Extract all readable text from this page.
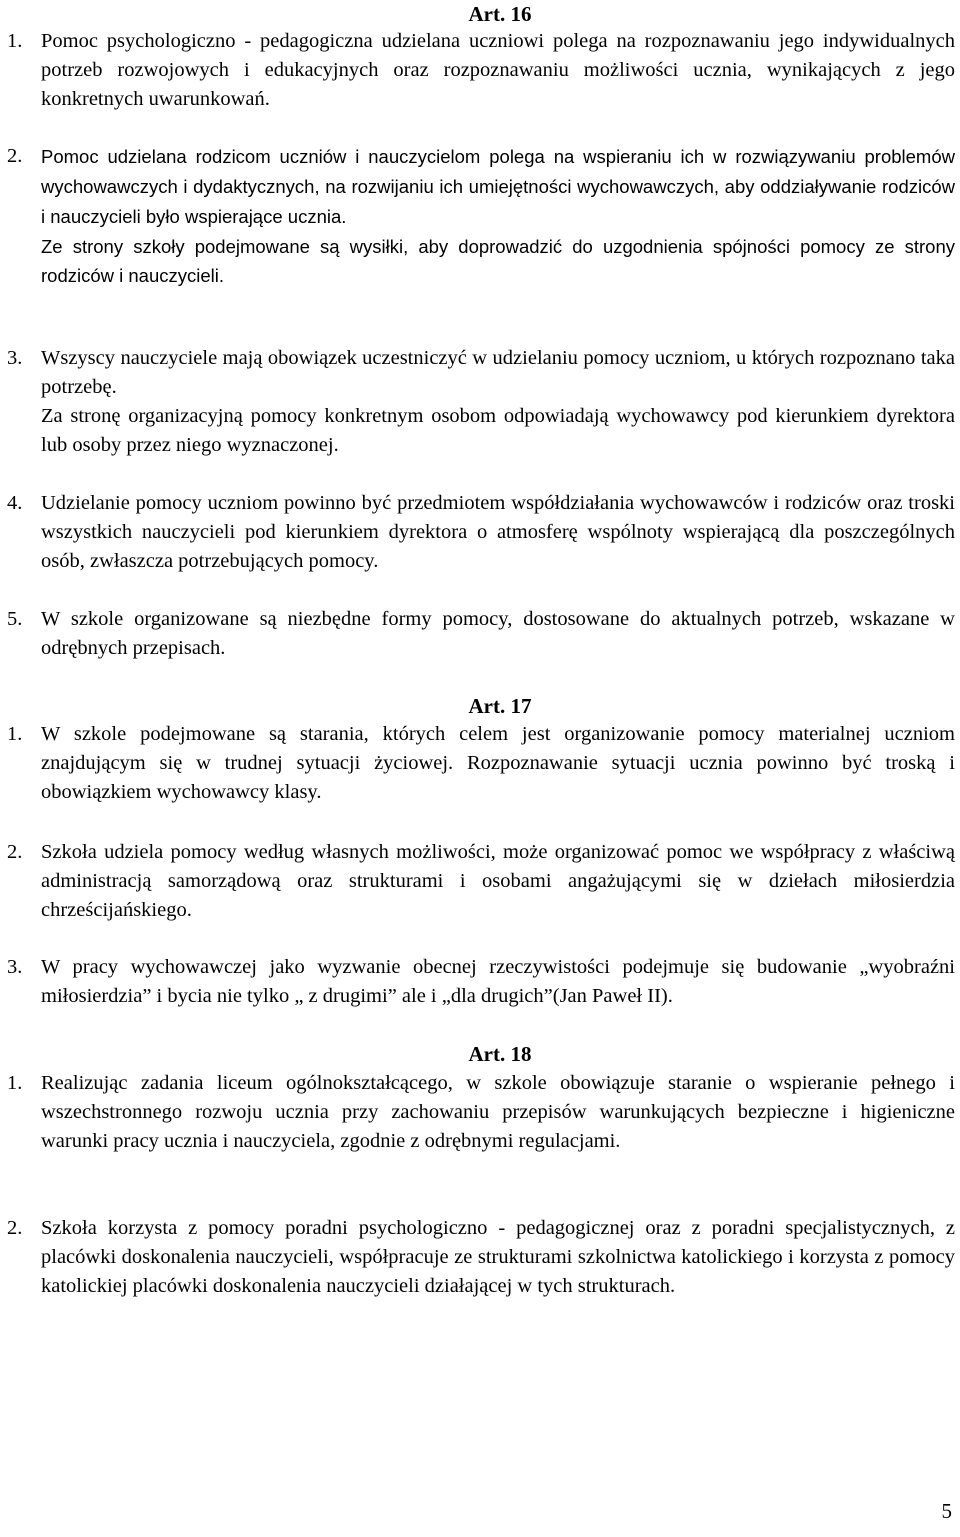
Art. 16
1. Pomoc psychologiczno - pedagogiczna udzielana uczniowi polega na rozpoznawaniu jego indywidualnych potrzeb rozwojowych i edukacyjnych oraz rozpoznawaniu możliwości ucznia, wynikających z jego konkretnych uwarunkowań.
2.	Pomoc udzielana rodzicom uczniów i nauczycielom polega na wspieraniu ich w rozwiązywaniu problemów wychowawczych i dydaktycznych, na rozwijaniu ich umiejętności wychowawczych, aby oddziaływanie rodziców i nauczycieli było wspierające ucznia.
Ze strony szkoły podejmowane są wysiłki, aby doprowadzić do uzgodnienia spójności pomocy ze strony rodziców i nauczycieli.
3. Wszyscy nauczyciele mają obowiązek uczestniczyć w udzielaniu pomocy uczniom, u których rozpoznano taka potrzebę.
Za stronę organizacyjną pomocy konkretnym osobom odpowiadają wychowawcy pod kierunkiem dyrektora lub osoby przez niego wyznaczonej.
4. Udzielanie pomocy uczniom powinno być przedmiotem współdziałania wychowawców i rodziców oraz troski wszystkich nauczycieli pod kierunkiem dyrektora o atmosferę wspólnoty wspierającą dla poszczególnych osób, zwłaszcza potrzebujących pomocy.
5. W szkole organizowane są niezbędne formy pomocy, dostosowane do aktualnych potrzeb, wskazane w odrębnych przepisach.
Art. 17
1. W szkole podejmowane są starania, których celem jest organizowanie pomocy materialnej uczniom znajdującym się w trudnej sytuacji życiowej. Rozpoznawanie sytuacji ucznia powinno być troską i obowiązkiem wychowawcy klasy.
2. Szkoła udziela pomocy według własnych możliwości, może organizować pomoc we współpracy z właściwą administracją samorządową oraz strukturami i osobami angażującymi się w dziełach miłosierdzia chrześcijańskiego.
3. W pracy wychowawczej jako wyzwanie obecnej rzeczywistości podejmuje się budowanie „wyobraźni miłosierdzia” i bycia nie tylko „ z drugimi” ale i „dla drugich”(Jan Paweł II).
Art. 18
1. Realizując zadania liceum ogólnokształcącego, w szkole obowiązuje staranie o wspieranie pełnego i wszechstronnego rozwoju ucznia przy zachowaniu przepisów warunkujących bezpieczne i higieniczne warunki pracy ucznia i nauczyciela, zgodnie z odrębnymi regulacjami.
2. Szkoła korzysta z pomocy poradni psychologiczno - pedagogicznej oraz z poradni specjalistycznych, z placówki doskonalenia nauczycieli, współpracuje ze strukturami szkolnictwa katolickiego i korzysta z pomocy katolickiej placówki doskonalenia nauczycieli działającej w tych strukturach.
5
